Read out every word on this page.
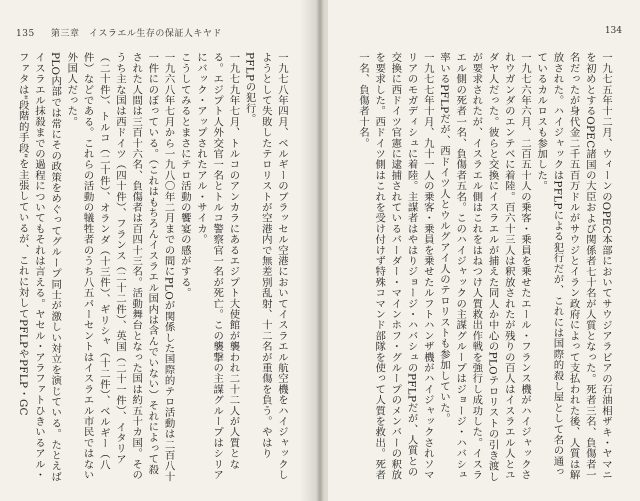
135 　 第三章　イスラエル生存の保証人キヤド

一九七八年四月、ベルギーのブラッセル空港においてイスラエル航空機をハイジャックしようとして失敗したテロリストが空港内で無差別乱射、十二名が重傷を負う。やはりPFLPの犯行。

一九七九年七月、トルコのアンカラにあるエジプト大使館が襲われ二十二人が人質となる。エジプト人外交官一名とトルコ警察官一名が死亡。この襲撃の主謀グループはシリアにバック・アップされたアル・サイカ。

こうしてみるとまさにテロ活動の饗宴の感がする。

一九六八年七月から一九八〇年二月までの間にPLOが関係した国際的テロ活動は二百八十一件にのぼっている。（これはもちろんイスラエル国内は含んでいない）それによって殺された人間は三百十六名、負傷者は百四十三名。活動舞台となった国は約五十カ国。そのうち主な国は西ドイツ（四十件）、フランス（二十二件）、英国（二十一件）、イタリア（二十件）、トルコ（二十件）、オランダ（十三件）、ギリシャ（十二件）、ベルギー（八件）などである。これらの活動の犠牲者のうち八五パーセントはイスラエル市民ではない外国人だった。

PLO内部では常にその政策をめぐってグループ同士が激しい対立を演じている。たとえばイスラエル抹殺までの過程についてもそれは言える。ヤセル・アラファトひきいるアル・ファタは"段階的手段"を主張しているが、これに対してPFLPやPFLP・GC

134

一九七五年十二月、ウィーンのOPEC本部においてサウジアラビアの石油相ザキ・ヤマニを初めとするOPEC諸国の大臣および関係者七十名が人質となった。死者三名、負傷者一名だったが身代金二千五百万ドルがサウジとイラン政府によって支払われた後、人質は解放された。ハイジャックはPFLPによる犯行だが、これには国際的殺し屋として名の通っているカルロスも参加した。

一九七六年六月、二百五十人の乗客・乗員を乗せたエール・フランス機がハイジャックされウガンダのエンテベに着陸。百六十三人は釈放されたが残りの百人はイスラエル人とユダヤ人だった。彼らと交換にイスラエルが捕えた同人か中心のPLOテロリストの引き渡しが要求されたが、イスラエル側はこれをはねつけ人質救出作戦を強行し成功した。イスラエル側の死者一名、負傷者五名。このハイジャックの主謀グループはジョージ・ハバシュ率いるPFLPだが、西ドイツ人とウルグアイ人のテロリストも参加していた。

一九七七年十月、九十一人の乗客・乗員を乗せたルフトハンザ機がハイジャックされソマリアのモガディシュに着陸。主謀者はやはりジョージ・ハバシュのPFLPだが、人質との交換に西ドイツ官憲に逮捕されているバーダー・マインホフ・グループのメンバーの釈放を要求した。西ドイツ側はこれを受け付けず特殊コマンド部隊を使って人質を救出。死者一名、負傷者十名。
